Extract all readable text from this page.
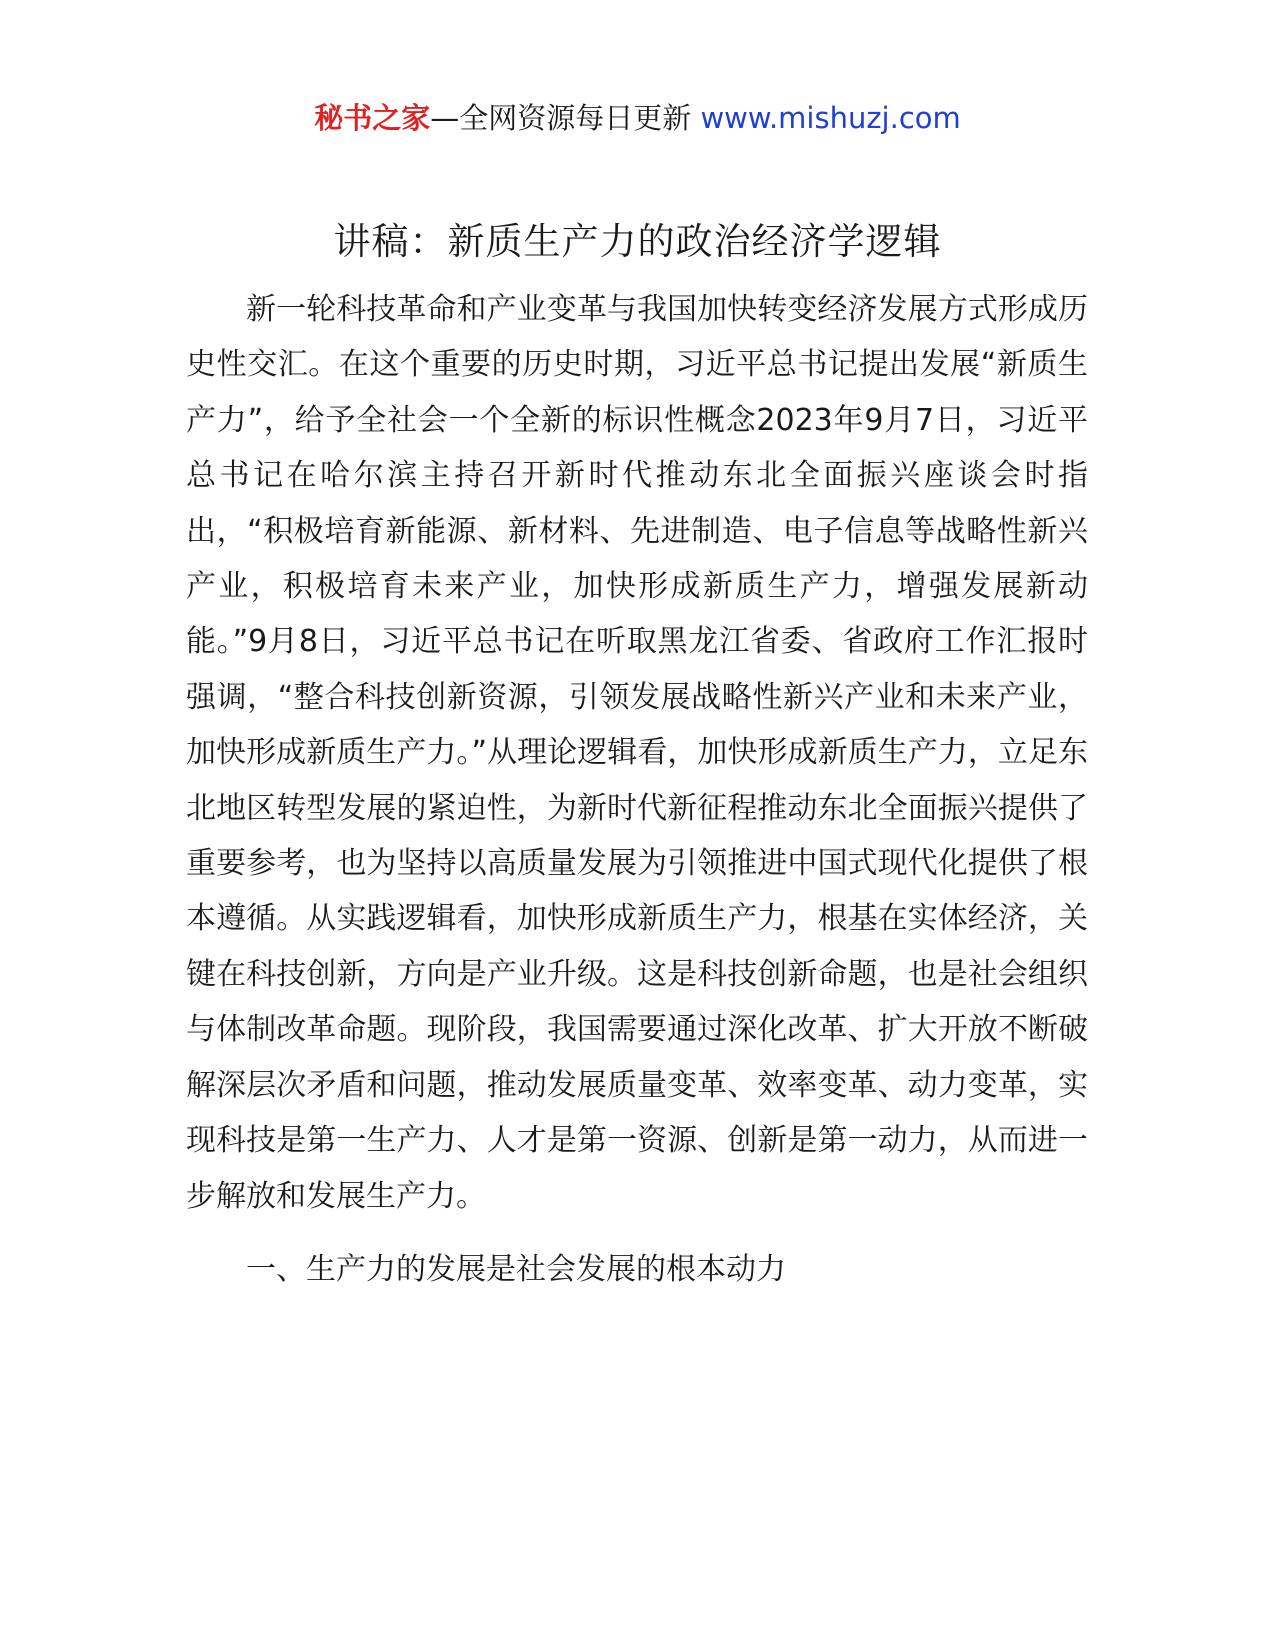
秘书之家—全网资源每日更新 www.mishuzj.com
讲稿：新质生产力的政治经济学逻辑

新一轮科技革命和产业变革与我国加快转变经济发展方式形成历史性交汇。在这个重要的历史时期，习近平总书记提出发展“新质生产力”，给予全社会一个全新的标识性概念2023年9月7日，习近平总书记在哈尔滨主持召开新时代推动东北全面振兴座谈会时指出，“积极培育新能源、新材料、先进制造、电子信息等战略性新兴产业，积极培育未来产业，加快形成新质生产力，增强发展新动能。”9月8日，习近平总书记在听取黑龙江省委、省政府工作汇报时强调，“整合科技创新资源，引领发展战略性新兴产业和未来产业，加快形成新质生产力。”从理论逻辑看，加快形成新质生产力，立足东北地区转型发展的紧迫性，为新时代新征程推动东北全面振兴提供了重要参考，也为坚持以高质量发展为引领推进中国式现代化提供了根本遵循。从实践逻辑看，加快形成新质生产力，根基在实体经济，关键在科技创新，方向是产业升级。这是科技创新命题，也是社会组织与体制改革命题。现阶段，我国需要通过深化改革、扩大开放不断破解深层次矛盾和问题，推动发展质量变革、效率变革、动力变革，实现科技是第一生产力、人才是第一资源、创新是第一动力，从而进一步解放和发展生产力。

一、生产力的发展是社会发展的根本动力
